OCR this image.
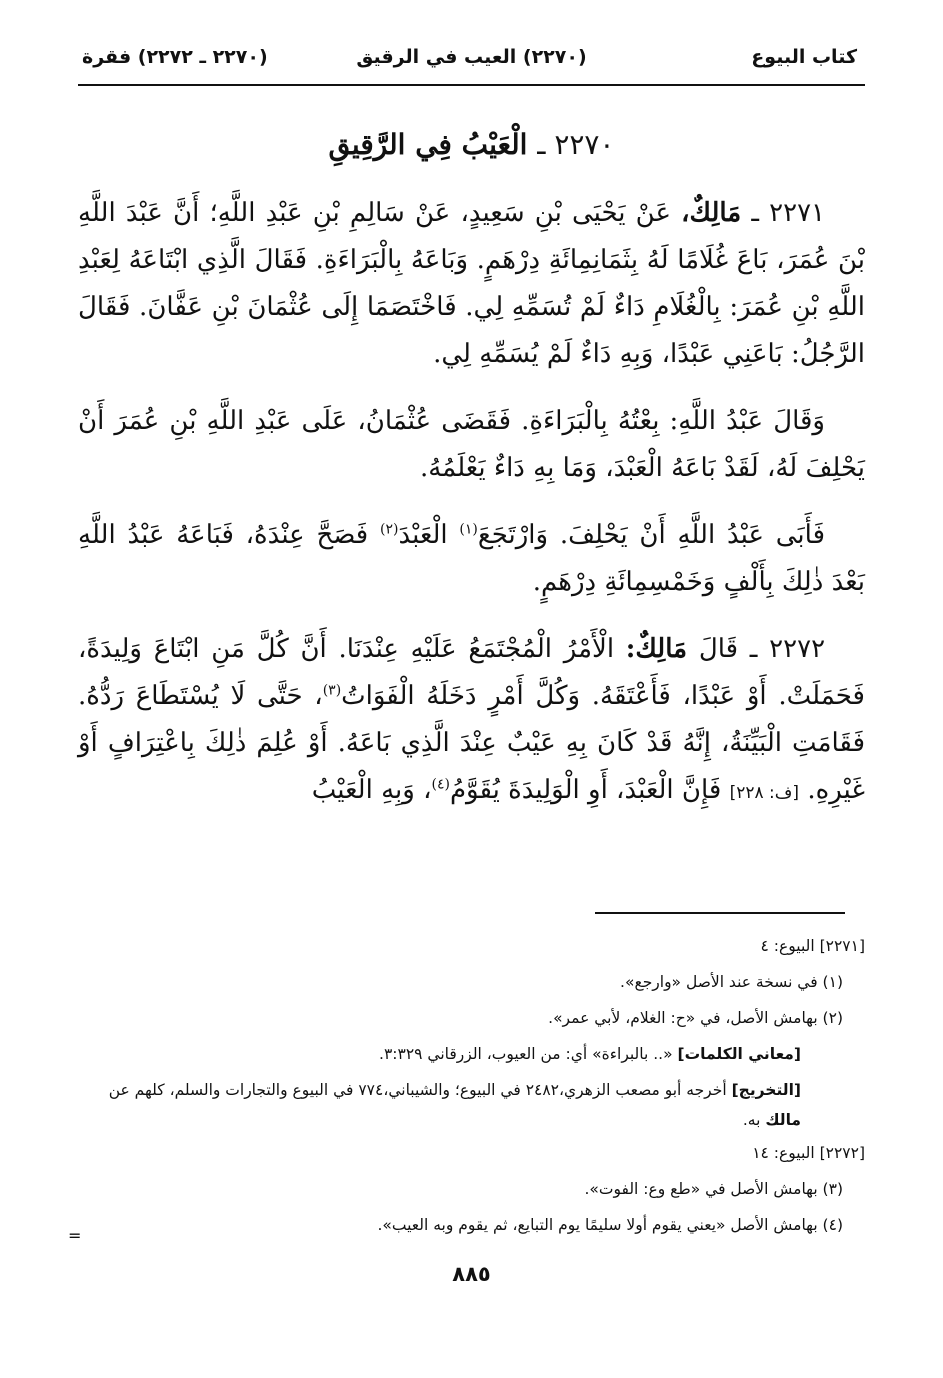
كتاب البيوع
(٢٢٧٠) العيب في الرقيق
(٢٢٧٠ ـ ٢٢٧٢) فقرة
٢٢٧٠ ـ الْعَيْبُ فِي الرَّقِيقِ

٢٢٧١ ـ مَالِكٌ، عَنْ يَحْيَى بْنِ سَعِيدٍ، عَنْ سَالِمِ بْنِ عَبْدِ اللَّهِ؛ أَنَّ عَبْدَ اللَّهِ بْنَ عُمَرَ، بَاعَ غُلَامًا لَهُ بِثَمَانِمِائَةِ دِرْهَمٍ. وَبَاعَهُ بِالْبَرَاءَةِ. فَقَالَ الَّذِي ابْتَاعَهُ لِعَبْدِ اللَّهِ بْنِ عُمَرَ: بِالْغُلَامِ دَاءٌ لَمْ تُسَمِّهِ لِي. فَاخْتَصَمَا إِلَى عُثْمَانَ بْنِ عَفَّانَ. فَقَالَ الرَّجُلُ: بَاعَنِي عَبْدًا، وَبِهِ دَاءٌ لَمْ يُسَمِّهِ لِي.

وَقَالَ عَبْدُ اللَّهِ: بِعْتُهُ بِالْبَرَاءَةِ. فَقَضَى عُثْمَانُ، عَلَى عَبْدِ اللَّهِ بْنِ عُمَرَ أَنْ يَحْلِفَ لَهُ، لَقَدْ بَاعَهُ الْعَبْدَ، وَمَا بِهِ دَاءٌ يَعْلَمُهُ.

فَأَبَى عَبْدُ اللَّهِ أَنْ يَحْلِفَ. وَارْتَجَعَ$^{(١)}$ الْعَبْدَ$^{(٢)}$ فَصَحَّ عِنْدَهُ، فَبَاعَهُ عَبْدُ اللَّهِ بَعْدَ ذٰلِكَ بِأَلْفٍ وَخَمْسِمِائَةِ دِرْهَمٍ.

٢٢٧٢ ـ قَالَ مَالِكٌ: الْأَمْرُ الْمُجْتَمَعُ عَلَيْهِ عِنْدَنَا. أَنَّ كُلَّ مَنِ ابْتَاعَ وَلِيدَةً، فَحَمَلَتْ. أَوْ عَبْدًا، فَأَعْتَقَهُ. وَكُلَّ أَمْرٍ دَخَلَهُ الْفَوَاتُ$^{(٣)}$، حَتَّى لَا يُسْتَطَاعَ رَدُّهُ. فَقَامَتِ الْبَيِّنَةُ، إِنَّهُ قَدْ كَانَ بِهِ عَيْبٌ عِنْدَ الَّذِي بَاعَهُ. أَوْ عُلِمَ ذٰلِكَ بِاعْتِرَافٍ أَوْ غَيْرِهِ. [ف: ٢٢٨] فَإِنَّ الْعَبْدَ، أَوِ الْوَلِيدَةَ يُقَوَّمُ$^{(٤)}$، وَبِهِ الْعَيْبُ

[٢٢٧١] البيوع: ٤
(١) في نسخة عند الأصل «وارجع».
(٢) بهامش الأصل، في «ح: الغلام، لأبي عمر».
[معاني الكلمات] «.. بالبراءة» أي: من العيوب، الزرقاني ٣:٣٢٩.
[التخريج] أخرجه أبو مصعب الزهري،٢٤٨٢ في البيوع؛ والشيباني،٧٧٤ في البيوع والتجارات والسلم، كلهم عن مالك به.
[٢٢٧٢] البيوع: ١٤
(٣) بهامش الأصل في «طع وع: الفوت».
(٤) بهامش الأصل «يعني يقوم أولا سليمًا يوم التبايع، ثم يقوم وبه العيب».
=
٨٨٥
